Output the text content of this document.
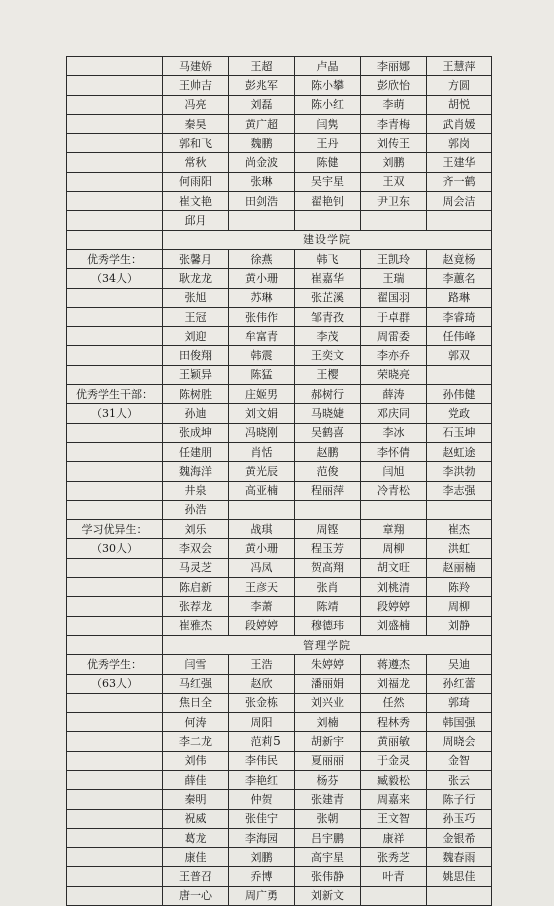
	马建娇	王超	卢晶	李丽娜	王慧萍
	王帅吉	彭兆军	陈小攀	彭欣怡	方圆
	冯亮	刘磊	陈小红	李萌	胡悦
	秦昊	黄广超	闫隽	李青梅	武肖媛
	郭和飞	魏鹏	王丹	刘传王	郭岗
	常秋	尚金波	陈健	刘鹏	王建华
	何雨阳	张琳	吴宇星	王双	齐一鹤
	崔文艳	田剑浩	翟艳钊	尹卫东	周会洁
	邱月				
	建设学院				
优秀学生：	张馨月	徐燕	韩飞	王凯玲	赵竟杨
（34人）	耿龙龙	黄小珊	崔嘉华	王瑞	李蕙名
	张旭	苏琳	张芷溪	翟国羽	路琳
	王冠	张伟作	邹青孜	于卓群	李睿琦
	刘迎	牟富青	李茂	周雷委	任伟峰
	田俊翔	韩震	王奕文	李亦乔	郭双
	王颖异	陈猛	王樱	荣晓亮	
优秀学生干部：	陈树胜	庄姬男	郝树行	薛涛	孙伟健
（31人）	孙迪	刘文娟	马晓婕	邓庆同	党政
	张成坤	冯晓刚	吴鹤喜	李冰	石玉坤
	任建朋	肖恬	赵鹏	李怀倩	赵虹途
	魏海洋	黄光辰	范俊	闫旭	李洪勃
	井泉	高亚楠	程丽萍	冷青松	李志强
	孙浩				
学习优异生：	刘乐	战琪	周铿	章翔	崔杰
（30人）	李双会	黄小珊	程玉芳	周柳	洪虹
	马灵芝	冯凤	贺高翔	胡文旺	赵丽楠
	陈启新	王彦天	张肖	刘桃清	陈羚
	张荐龙	李萧	陈靖	段婷婷	周柳
	崔雅杰	段婷婷	穆德玮	刘盛楠	刘静
	管理学院				
优秀学生：	闫雪	王浩	朱婷婷	蒋遵杰	吴迪
（63人）	马红强	赵欣	潘丽娟	刘福龙	孙红蕾
	焦日全	张金栋	刘兴业	任然	郭琦
	何涛	周阳	刘楠	程林秀	韩国强
	李二龙	范莉	胡新宇	黄丽敏	周晓会
	刘伟	李伟民	夏丽丽	于金灵	金智
	薛佳	李艳红	杨芬	臧毅松	张云
	秦明	仲贺	张建青	周嘉来	陈子行
	祝威	张佳宁	张朝	王文智	孙玉巧
	葛龙	李海园	吕宇鹏	康祥	金银希
	康佳	刘鹏	高宇星	张秀芝	魏春雨
	王普召	乔博	张伟静	叶青	姚思佳
	唐一心	周广勇	刘新文		
5
